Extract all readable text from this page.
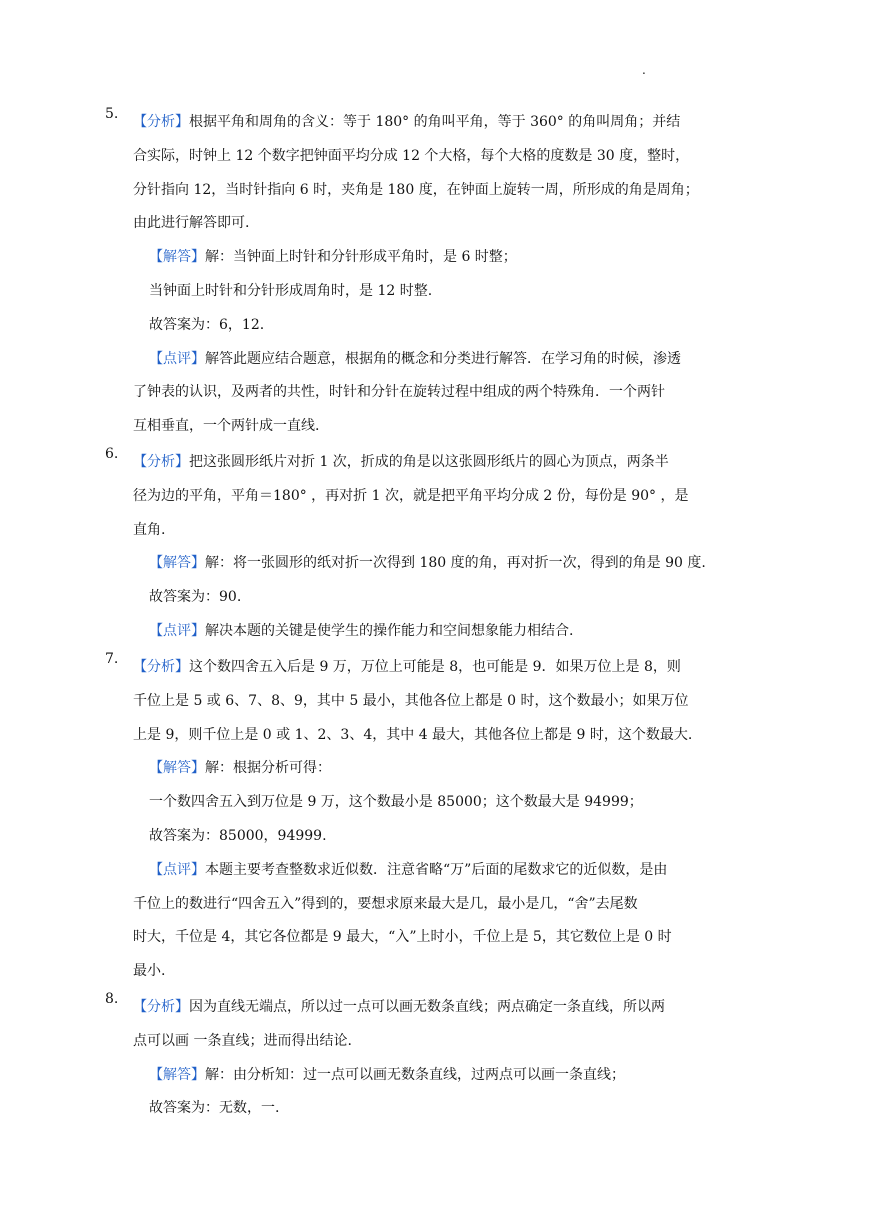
.
5. 【分析】根据平角和周角的含义：等于 180° 的角叫平角，等于 360° 的角叫周角；并结
合实际，时钟上 12 个数字把钟面平均分成 12 个大格，每个大格的度数是 30 度，整时，
分针指向 12，当时针指向 6 时，夹角是 180 度，在钟面上旋转一周，所形成的角是周角；
由此进行解答即可.
【解答】解：当钟面上时针和分针形成平角时，是 6 时整；
当钟面上时针和分针形成周角时，是 12 时整.
故答案为：6，12.
【点评】解答此题应结合题意，根据角的概念和分类进行解答．在学习角的时候，渗透
了钟表的认识，及两者的共性，时针和分针在旋转过程中组成的两个特殊角．一个两针
互相垂直，一个两针成一直线.
6. 【分析】把这张圆形纸片对折 1 次，折成的角是以这张圆形纸片的圆心为顶点，两条半
径为边的平角，平角＝180° ，再对折 1 次，就是把平角平均分成 2 份，每份是 90° ，是
直角.
【解答】解：将一张圆形的纸对折一次得到 180 度的角，再对折一次，得到的角是 90 度.
故答案为：90.
【点评】解决本题的关键是使学生的操作能力和空间想象能力相结合.
7. 【分析】这个数四舍五入后是 9 万，万位上可能是 8，也可能是 9．如果万位上是 8，则
千位上是 5 或 6、7、8、9，其中 5 最小，其他各位上都是 0 时，这个数最小；如果万位
上是 9，则千位上是 0 或 1、2、3、4，其中 4 最大，其他各位上都是 9 时，这个数最大.
【解答】解：根据分析可得：
一个数四舍五入到万位是 9 万，这个数最小是 85000；这个数最大是 94999；
故答案为：85000，94999.
【点评】本题主要考查整数求近似数．注意省略“万”后面的尾数求它的近似数，是由
千位上的数进行“四舍五入”得到的，要想求原来最大是几，最小是几，“舍”去尾数
时大，千位是 4，其它各位都是 9 最大，“入”上时小，千位上是 5，其它数位上是 0 时
最小.
8. 【分析】因为直线无端点，所以过一点可以画无数条直线；两点确定一条直线，所以两
点可以画 一条直线；进而得出结论.
【解答】解：由分析知：过一点可以画无数条直线，过两点可以画一条直线；
故答案为：无数，一.
